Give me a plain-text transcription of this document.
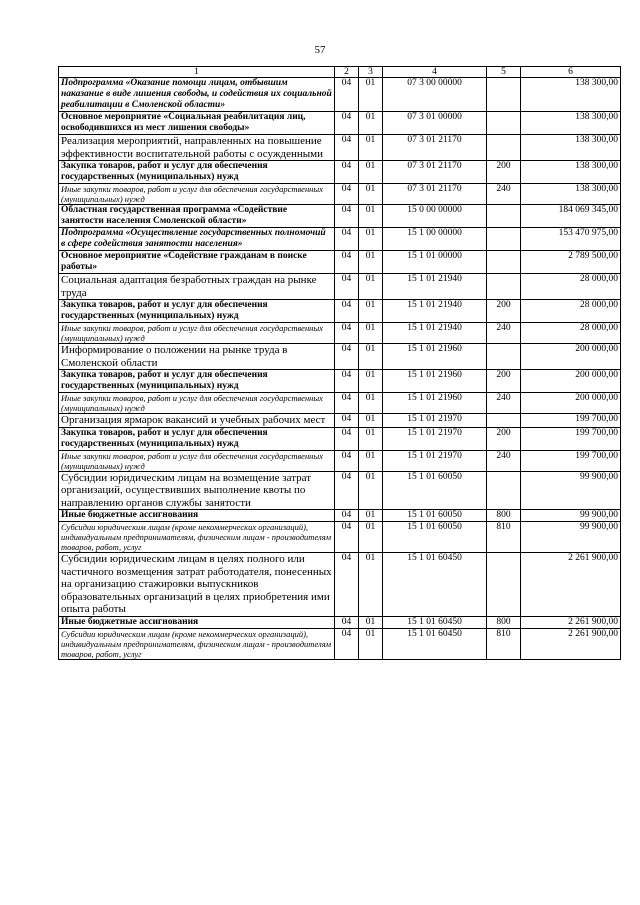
57
1	2	3	4	5	6
Подпрограмма «Оказание помощи лицам, отбывшим наказание в виде лишения свободы, и содействия их социальной реабилитации в Смоленской области»	04	01	07 3 00 00000		138 300,00
Основное мероприятие «Социальная реабилитация лиц, освободившихся из мест лишения свободы»	04	01	07 3 01 00000		138 300,00
Реализация мероприятий, направленных на повышение эффективности воспитательной работы с осужденными	04	01	07 3 01 21170		138 300,00
Закупка товаров, работ и услуг для обеспечения государственных (муниципальных) нужд	04	01	07 3 01 21170	200	138 300,00
Иные закупки товаров, работ и услуг для обеспечения государственных (муниципальных) нужд	04	01	07 3 01 21170	240	138 300,00
Областная государственная программа «Содействие занятости населения Смоленской области»	04	01	15 0 00 00000		184 069 345,00
Подпрограмма «Осуществление государственных полномочий в сфере содействия занятости населения»	04	01	15 1 00 00000		153 470 975,00
Основное мероприятие «Содействие гражданам в поиске работы»	04	01	15 1 01 00000		2 789 500,00
Социальная адаптация безработных граждан на рынке труда	04	01	15 1 01 21940		28 000,00
Закупка товаров, работ и услуг для обеспечения государственных (муниципальных) нужд	04	01	15 1 01 21940	200	28 000,00
Иные закупки товаров, работ и услуг для обеспечения государственных (муниципальных) нужд	04	01	15 1 01 21940	240	28 000,00
Информирование о положении на рынке труда в Смоленской области	04	01	15 1 01 21960		200 000,00
Закупка товаров, работ и услуг для обеспечения государственных (муниципальных) нужд	04	01	15 1 01 21960	200	200 000,00
Иные закупки товаров, работ и услуг для обеспечения государственных (муниципальных) нужд	04	01	15 1 01 21960	240	200 000,00
Организация ярмарок вакансий и учебных рабочих мест	04	01	15 1 01 21970		199 700,00
Закупка товаров, работ и услуг для обеспечения государственных (муниципальных) нужд	04	01	15 1 01 21970	200	199 700,00
Иные закупки товаров, работ и услуг для обеспечения государственных (муниципальных) нужд	04	01	15 1 01 21970	240	199 700,00
Субсидии юридическим лицам на возмещение затрат организаций, осуществивших выполнение квоты по направлению органов службы занятости	04	01	15 1 01 60050		99 900,00
Иные бюджетные ассигнования	04	01	15 1 01 60050	800	99 900,00
Субсидии юридическим лицам (кроме некоммерческих организаций), индивидуальным предпринимателям, физическим лицам - производителям товаров, работ, услуг	04	01	15 1 01 60050	810	99 900,00
Субсидии юридическим лицам в целях полного или частичного возмещения затрат работодателя, понесенных на организацию стажировки выпускников образовательных организаций в целях приобретения ими опыта работы	04	01	15 1 01 60450		2 261 900,00
Иные бюджетные ассигнования	04	01	15 1 01 60450	800	2 261 900,00
Субсидии юридическим лицам (кроме некоммерческих организаций), индивидуальным предпринимателям, физическим лицам - производителям товаров, работ, услуг	04	01	15 1 01 60450	810	2 261 900,00
